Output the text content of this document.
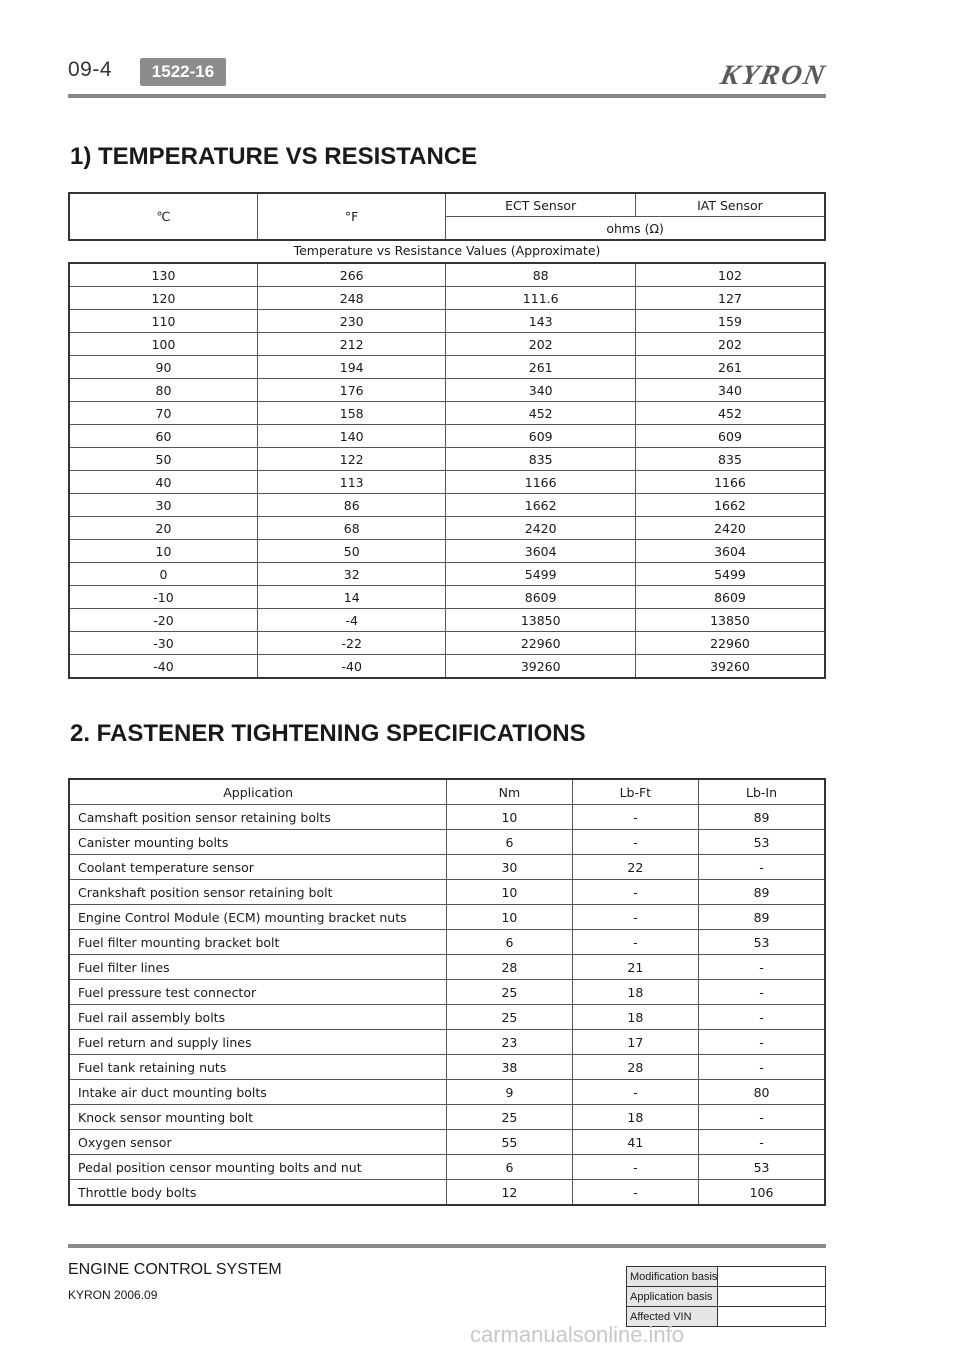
09-4	1522-16	KYRON
1) TEMPERATURE VS RESISTANCE
℃	°F	ECT Sensor	IAT Sensor
ohms (Ω)
Temperature vs Resistance Values (Approximate)
130	266	88	102
120	248	111.6	127
110	230	143	159
100	212	202	202
90	194	261	261
80	176	340	340
70	158	452	452
60	140	609	609
50	122	835	835
40	113	1166	1166
30	86	1662	1662
20	68	2420	2420
10	50	3604	3604
0	32	5499	5499
-10	14	8609	8609
-20	-4	13850	13850
-30	-22	22960	22960
-40	-40	39260	39260
2. FASTENER TIGHTENING SPECIFICATIONS
Application	Nm	Lb-Ft	Lb-In
Camshaft position sensor retaining bolts	10	-	89
Canister mounting bolts	6	-	53
Coolant temperature sensor	30	22	-
Crankshaft position sensor retaining bolt	10	-	89
Engine Control Module (ECM) mounting bracket nuts	10	-	89
Fuel filter mounting bracket bolt	6	-	53
Fuel filter lines	28	21	-
Fuel pressure test connector	25	18	-
Fuel rail assembly bolts	25	18	-
Fuel return and supply lines	23	17	-
Fuel tank retaining nuts	38	28	-
Intake air duct mounting bolts	9	-	80
Knock sensor mounting bolt	25	18	-
Oxygen sensor	55	41	-
Pedal position censor mounting bolts and nut	6	-	53
Throttle body bolts	12	-	106
ENGINE CONTROL SYSTEM
KYRON 2006.09
Modification basis	
Application basis	
Affected VIN	
carmanualsonline.info
